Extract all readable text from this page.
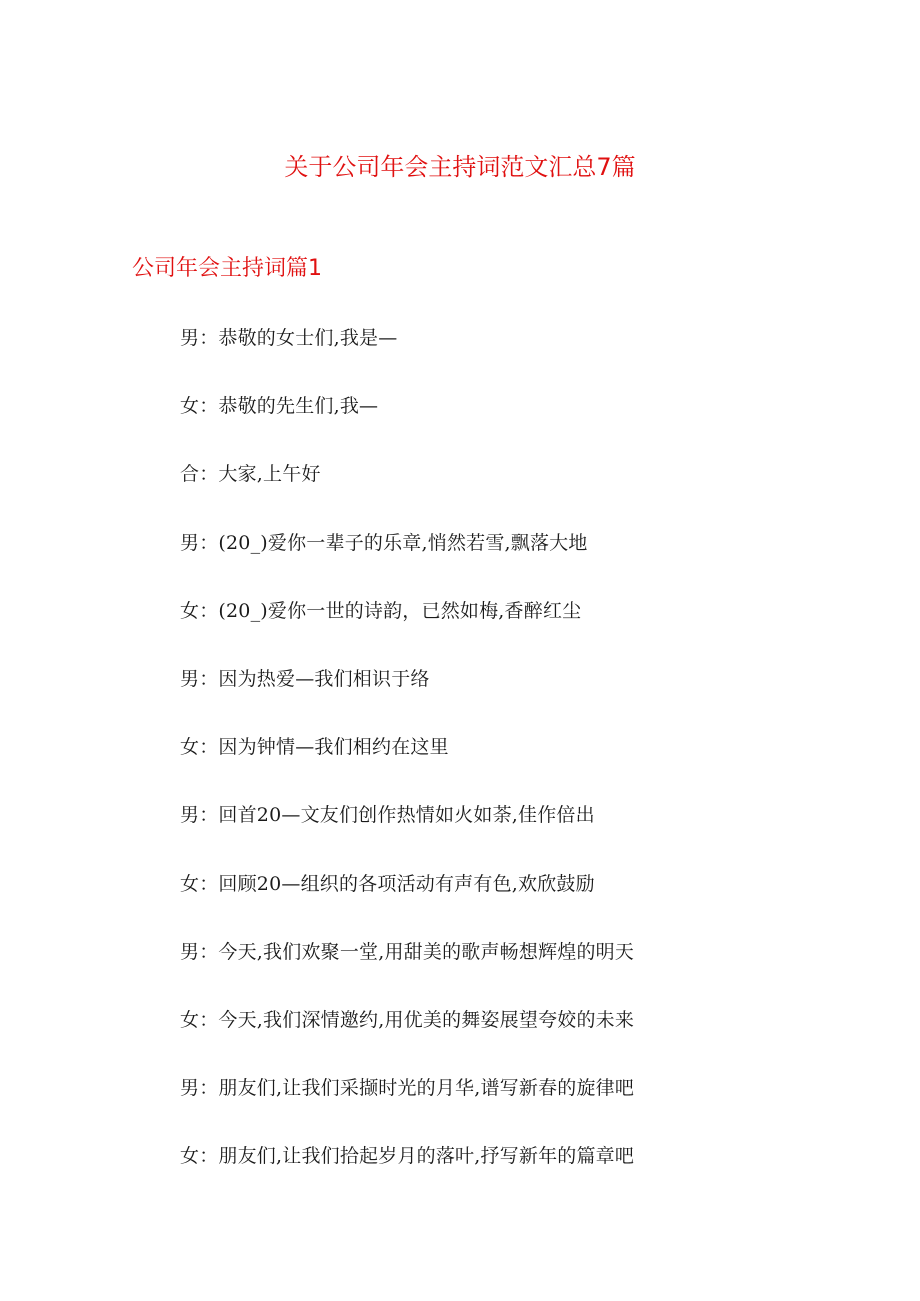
关于公司年会主持词范文汇总7篇
公司年会主持词篇1
男：恭敬的女士们,我是—
女：恭敬的先生们,我—
合：大家,上午好
男：(20_)爱你一辈子的乐章,悄然若雪,飘落大地
女：(20_)爱你一世的诗韵，已然如梅,香醉红尘
男：因为热爱—我们相识于络
女：因为钟情—我们相约在这里
男：回首20—文友们创作热情如火如荼,佳作倍出
女：回顾20—组织的各项活动有声有色,欢欣鼓励
男：今天,我们欢聚一堂,用甜美的歌声畅想辉煌的明天
女：今天,我们深情邀约,用优美的舞姿展望夸姣的未来
男：朋友们,让我们采撷时光的月华,谱写新春的旋律吧
女：朋友们,让我们拾起岁月的落叶,抒写新年的篇章吧
